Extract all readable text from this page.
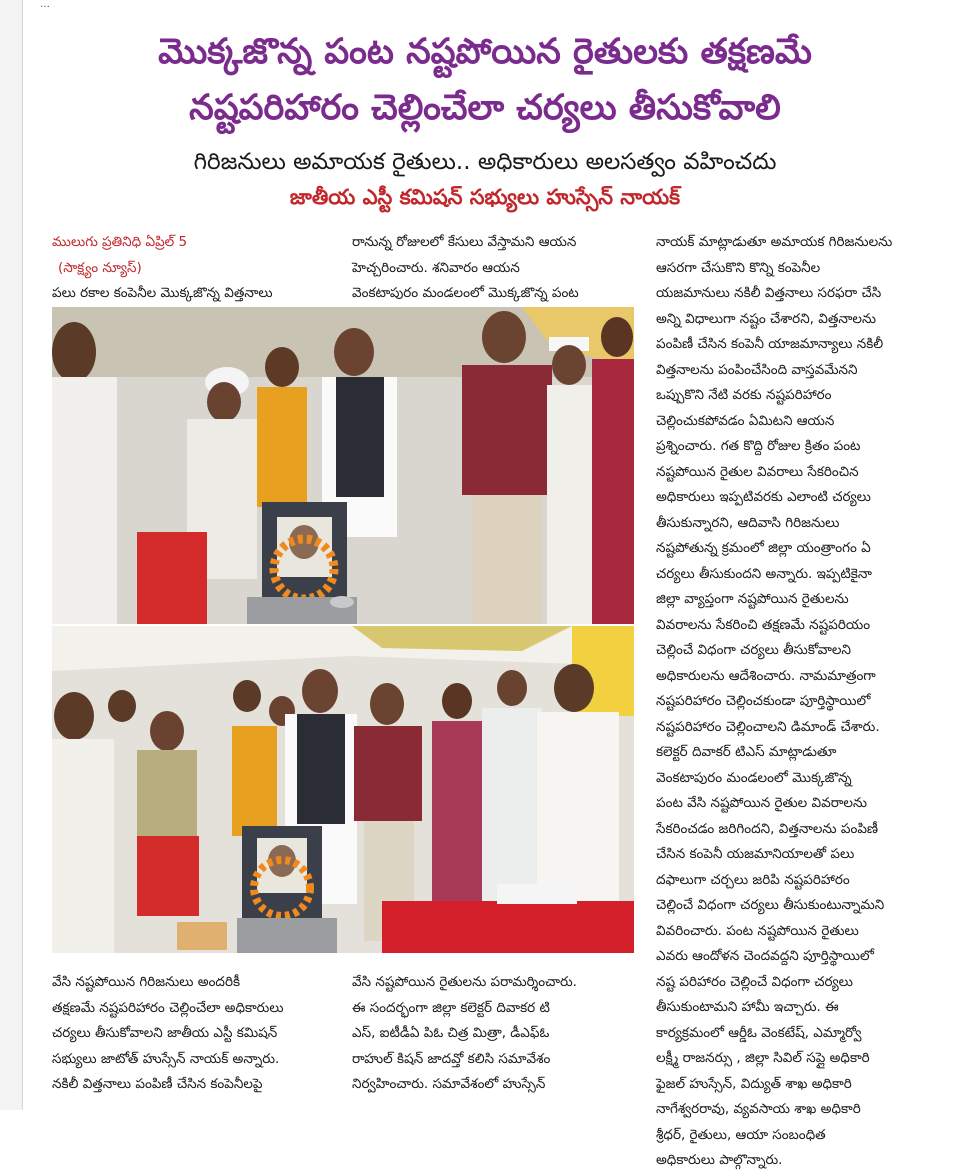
…
మొక్కజొన్న పంట నష్టపోయిన రైతులకు తక్షణమే
నష్టపరిహారం చెల్లించేలా చర్యలు తీసుకోవాలి
గిరిజనులు అమాయక రైతులు.. అధికారులు అలసత్వం వహించదు
జాతీయ ఎస్టీ కమిషన్ సభ్యులు హుస్సేన్ నాయక్

ములుగు ప్రతినిధి ఏప్రిల్ 5

(సాక్ష్యం న్యూస్)

పలు రకాల కంపెనీల మొక్కజొన్న విత్తనాలు

రానున్న రోజులలో కేసులు వేస్తామని ఆయన

హెచ్చరించారు. శనివారం ఆయన

వెంకటాపురం మండలంలో మొక్కజొన్న పంట

నాయక్ మాట్లాడుతూ అమాయక గిరిజనులను

ఆసరగా చేసుకొని కొన్ని కంపెనీల

యజమానులు నకిలీ విత్తనాలు సరఫరా చేసి

అన్ని విధాలుగా నష్టం చేశారని, విత్తనాలను

పంపిణీ చేసిన కంపెనీ యాజమాన్యాలు నకిలీ

విత్తనాలను పంపించేసింది వాస్తవమేనని

ఒప్పుకొని నేటి వరకు నష్టపరిహారం

చెల్లించుకపోవడం ఏమిటని ఆయన

ప్రశ్నించారు. గత కొద్ది రోజుల క్రితం పంట

నష్టపోయిన రైతుల వివరాలు సేకరించిన

అధికారులు ఇప్పటివరకు ఎలాంటి చర్యలు

తీసుకున్నారని, ఆదివాసి గిరిజనులు

నష్టపోతున్న క్రమంలో జిల్లా యంత్రాంగం ఏ

చర్యలు తీసుకుందని అన్నారు. ఇప్పటికైనా

జిల్లా వ్యాప్తంగా నష్టపోయిన రైతులను

వివరాలను సేకరించి తక్షణమే నష్టపరియం

చెల్లించే విధంగా చర్యలు తీసుకోవాలని

అధికారులను ఆదేశించారు. నామమాత్రంగా

నష్టపరిహారం చెల్లించకుండా పూర్తిస్థాయిలో

నష్టపరిహారం చెల్లించాలని డిమాండ్ చేశారు.

కలెక్టర్ దివాకర్ టిఎస్ మాట్లాడుతూ

వెంకటాపురం మండలంలో మొక్కజొన్న

పంట వేసి నష్టపోయిన రైతుల వివరాలను

సేకరించడం జరిగిందని, విత్తనాలను పంపిణీ

చేసిన కంపెనీ యజమానియాలతో పలు

దఫాలుగా చర్చలు జరిపి నష్టపరిహారం

చెల్లించే విధంగా చర్యలు తీసుకుంటున్నామని

వివరించారు. పంట నష్టపోయిన రైతులు

ఎవరు ఆందోళన చెందవద్దని పూర్తిస్థాయిలో

నష్ట పరిహారం చెల్లించే విధంగా చర్యలు

తీసుకుంటామని హామీ ఇచ్చారు. ఈ

కార్యక్రమంలో ఆర్డీఓ వెంకటేష్, ఎమ్మార్వో

లక్ష్మీ రాజనర్సు , జిల్లా సివిల్ సప్లై అధికారి

ఫైజల్ హుస్సేన్, విద్యుత్ శాఖ అధికారి

నాగేశ్వరరావు, వ్యవసాయ శాఖ అధికారి

శ్రీధర్, రైతులు, ఆయా సంబంధిత

అధికారులు పాల్గొన్నారు.

వేసి నష్టపోయిన గిరిజనులు అందరికీ

తక్షణమే నష్టపరిహారం చెల్లించేలా అధికారులు

చర్యలు తీసుకోవాలని జాతీయ ఎస్టీ కమిషన్

సభ్యులు జాటోత్ హుస్సేన్ నాయక్ అన్నారు.

నకిలీ విత్తనాలు పంపిణీ చేసిన కంపెనీలపై

వేసి నష్టపోయిన రైతులను పరామర్శించారు.

ఈ సందర్భంగా జిల్లా కలెక్టర్ దివాకర టి

ఎస్, ఐటీడీఏ పిఓ చిత్ర మిత్రా, డీఎఫ్ఓ

రాహుల్ కిషన్ జాదవ్తో కలిసి సమావేశం

నిర్వహించారు. సమావేశంలో హుస్సేన్
